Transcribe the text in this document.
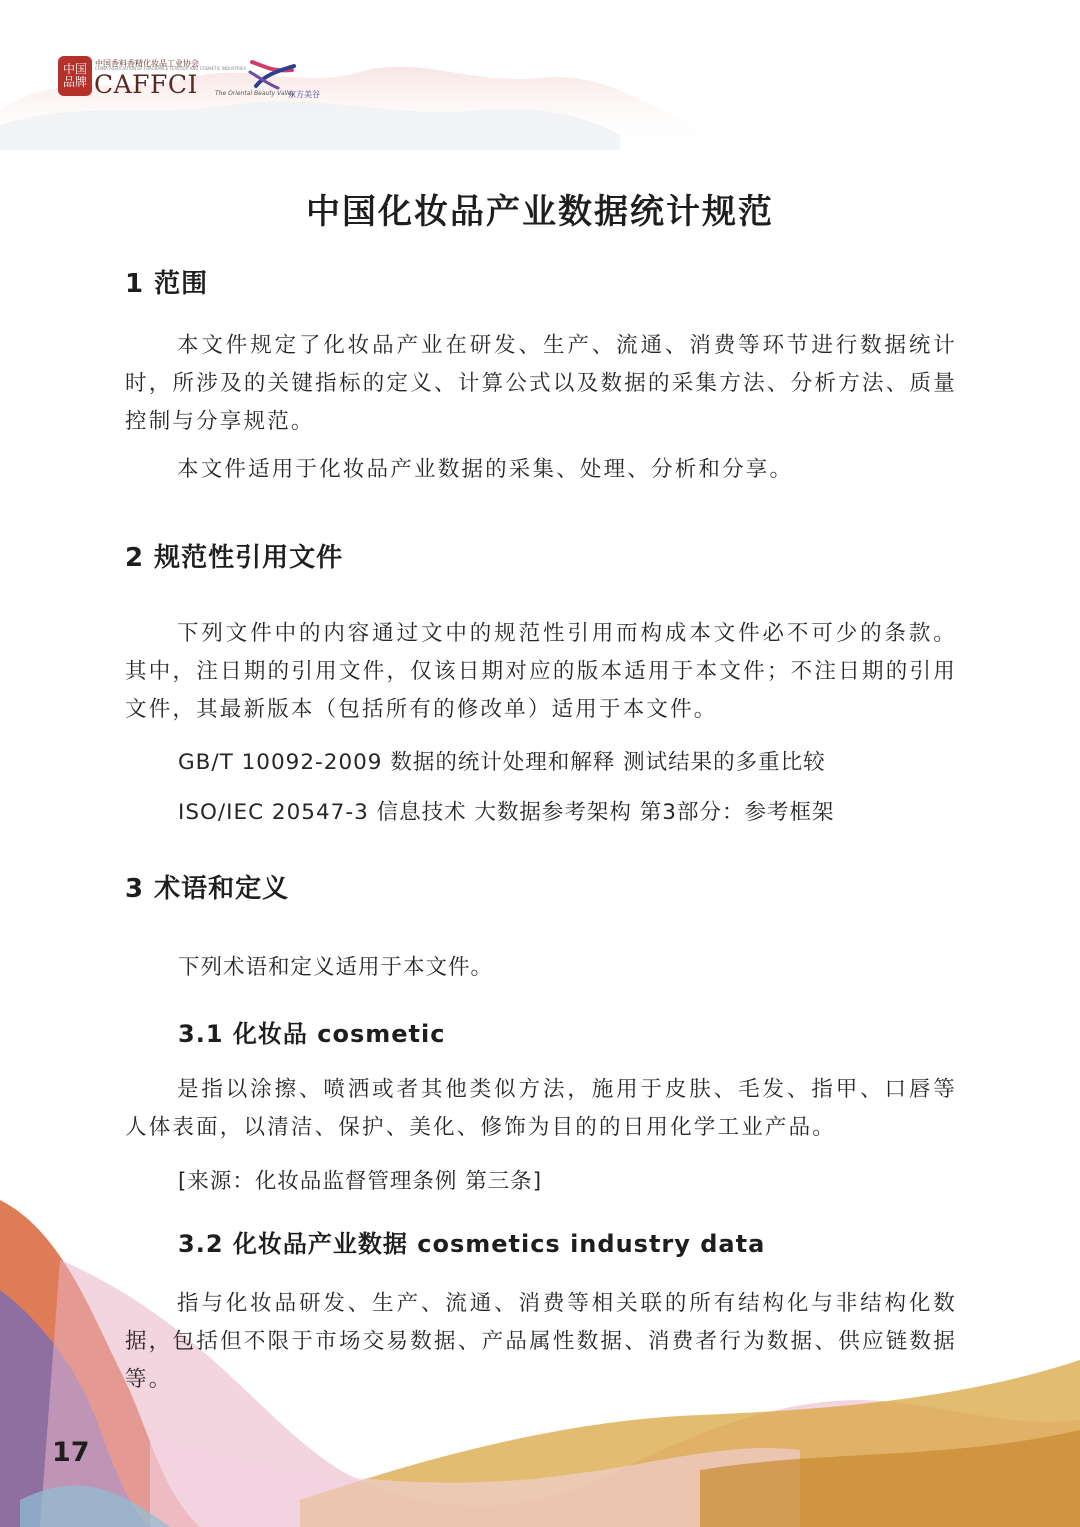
中国 品牌
中国香料香精化妆品工业协会
CHINA ASSOCIATION OF FRAGRANCE FLAVOUR AND COSMETIC INDUSTRIES
CAFFCI	The Oriental Beauty Valley
东方美谷
中国化妆品产业数据统计规范
1 范围

本文件规定了化妆品产业在研发、生产、流通、消费等环节进行数据统计时，所涉及的关键指标的定义、计算公式以及数据的采集方法、分析方法、质量控制与分享规范。

本文件适用于化妆品产业数据的采集、处理、分析和分享。

2 规范性引用文件

下列文件中的内容通过文中的规范性引用而构成本文件必不可少的条款。其中，注日期的引用文件，仅该日期对应的版本适用于本文件；不注日期的引用文件，其最新版本（包括所有的修改单）适用于本文件。

GB/T 10092-2009 数据的统计处理和解释 测试结果的多重比较

ISO/IEC 20547-3 信息技术 大数据参考架构 第3部分：参考框架

3 术语和定义

下列术语和定义适用于本文件。

3.1 化妆品 cosmetic

是指以涂擦、喷洒或者其他类似方法，施用于皮肤、毛发、指甲、口唇等人体表面，以清洁、保护、美化、修饰为目的的日用化学工业产品。

[来源：化妆品监督管理条例 第三条]

3.2 化妆品产业数据 cosmetics industry data

指与化妆品研发、生产、流通、消费等相关联的所有结构化与非结构化数据，包括但不限于市场交易数据、产品属性数据、消费者行为数据、供应链数据等。

17
